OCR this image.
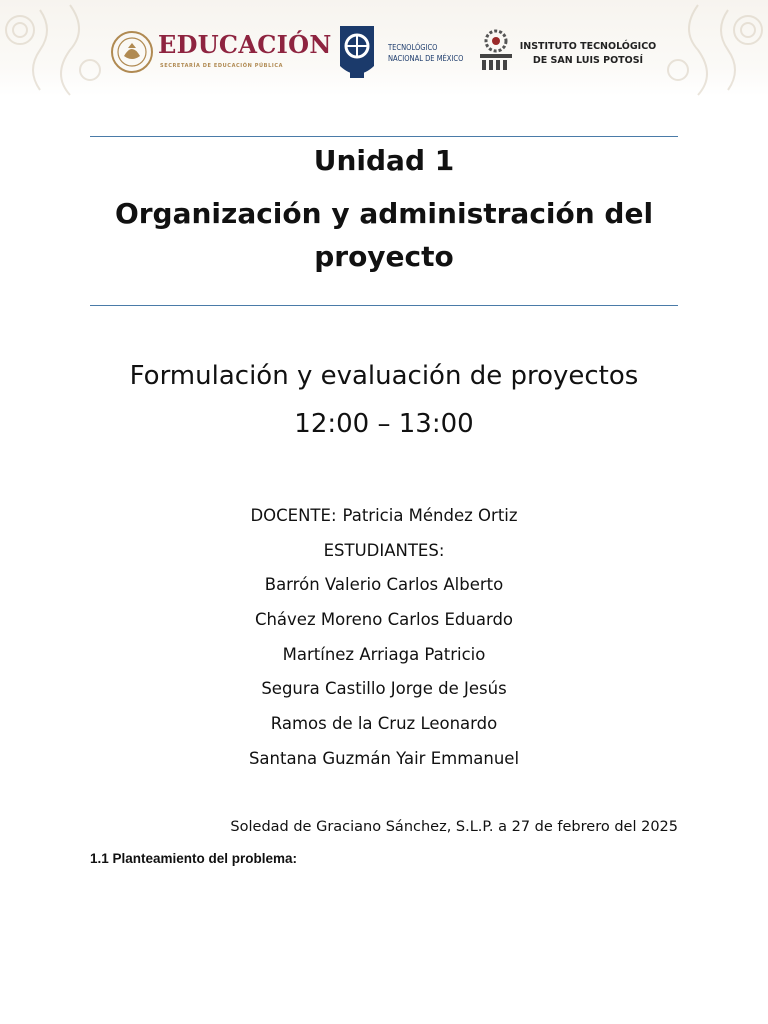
EDUCACIÓN
SECRETARÍA DE EDUCACIÓN PÚBLICA
TECNOLÓGICO
NACIONAL DE MÉXICO
INSTITUTO TECNOLÓGICO
DE SAN LUIS POTOSÍ
Unidad 1
Organización y administración del proyecto

Formulación y evaluación de proyectos

12:00 – 13:00

DOCENTE: Patricia Méndez Ortiz
ESTUDIANTES:
Barrón Valerio Carlos Alberto
Chávez Moreno Carlos Eduardo
Martínez Arriaga Patricio
Segura Castillo Jorge de Jesús
Ramos de la Cruz Leonardo
Santana Guzmán Yair Emmanuel
Soledad de Graciano Sánchez, S.L.P. a 27 de febrero del 2025
1.1 Planteamiento del problema:
